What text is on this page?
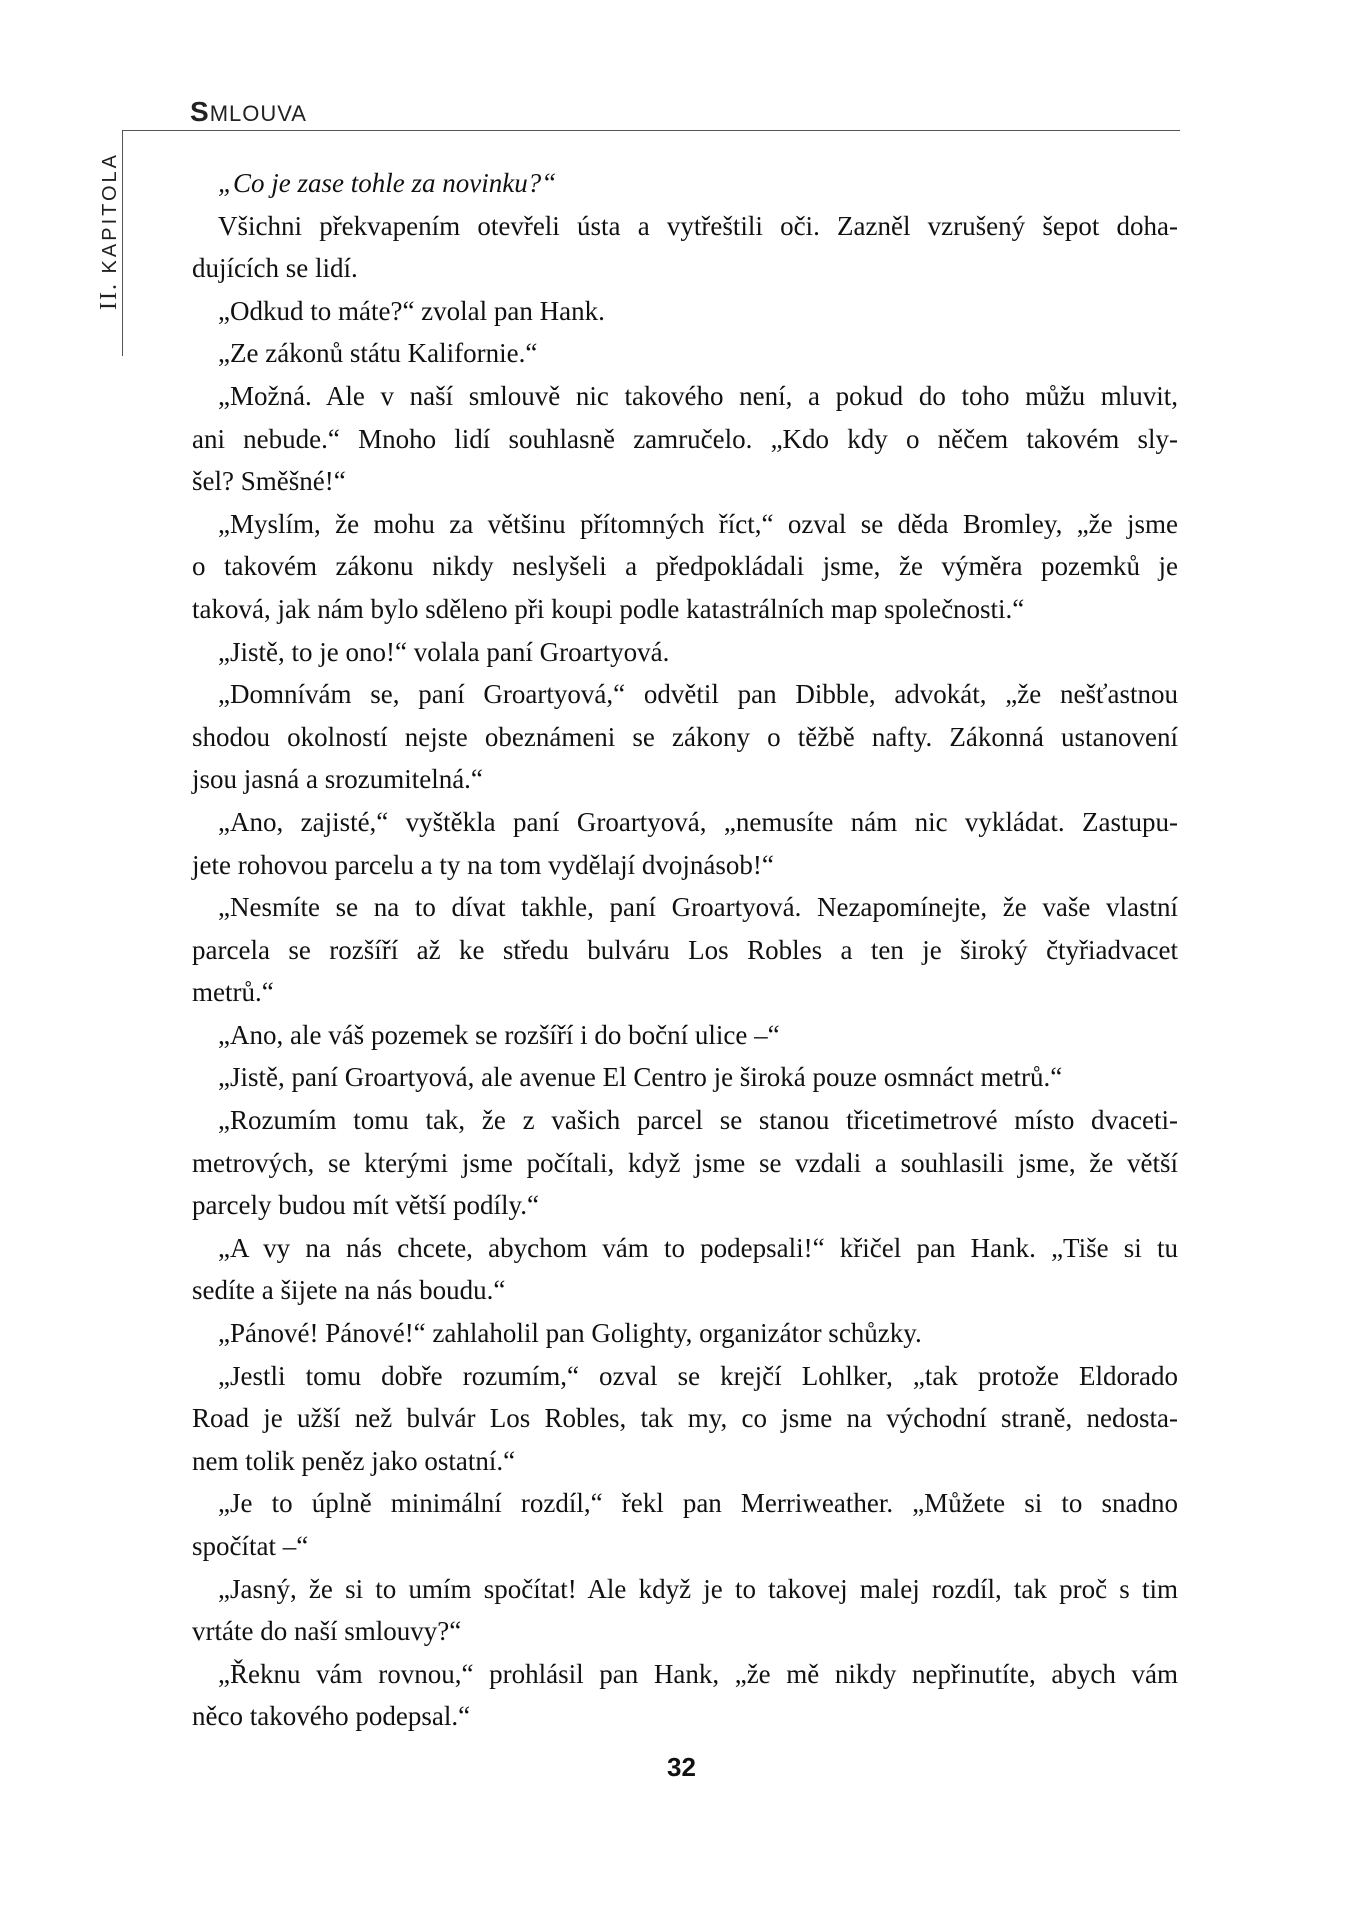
SMLOUVA
II. KAPITOLA	„Co je zase tohle za novinku?“
Všichni překvapením otevřeli ústa a vytřeštili oči. Zazněl vzrušený šepot doha-
dujících se lidí.
„Odkud to máte?“ zvolal pan Hank.
„Ze zákonů státu Kalifornie.“
„Možná. Ale v naší smlouvě nic takového není, a pokud do toho můžu mluvit,
ani nebude.“ Mnoho lidí souhlasně zamručelo. „Kdo kdy o něčem takovém sly-
šel? Směšné!“
„Myslím, že mohu za většinu přítomných říct,“ ozval se děda Bromley, „že jsme
o takovém zákonu nikdy neslyšeli a předpokládali jsme, že výměra pozemků je
taková, jak nám bylo sděleno při koupi podle katastrálních map společnosti.“
„Jistě, to je ono!“ volala paní Groartyová.
„Domnívám se, paní Groartyová,“ odvětil pan Dibble, advokát, „že nešťastnou
shodou okolností nejste obeznámeni se zákony o těžbě nafty. Zákonná ustanovení
jsou jasná a srozumitelná.“
„Ano, zajisté,“ vyštěkla paní Groartyová, „nemusíte nám nic vykládat. Zastupu-
jete rohovou parcelu a ty na tom vydělají dvojnásob!“
„Nesmíte se na to dívat takhle, paní Groartyová. Nezapomínejte, že vaše vlastní
parcela se rozšíří až ke středu bulváru Los Robles a ten je široký čtyřiadvacet
metrů.“
„Ano, ale váš pozemek se rozšíří i do boční ulice –“
„Jistě, paní Groartyová, ale avenue El Centro je široká pouze osmnáct metrů.“
„Rozumím tomu tak, že z vašich parcel se stanou třicetimetrové místo dvaceti-
metrových, se kterými jsme počítali, když jsme se vzdali a souhlasili jsme, že větší
parcely budou mít větší podíly.“
„A vy na nás chcete, abychom vám to podepsali!“ křičel pan Hank. „Tiše si tu
sedíte a šijete na nás boudu.“
„Pánové! Pánové!“ zahlaholil pan Golighty, organizátor schůzky.
„Jestli tomu dobře rozumím,“ ozval se krejčí Lohlker, „tak protože Eldorado
Road je užší než bulvár Los Robles, tak my, co jsme na východní straně, nedosta-
nem tolik peněz jako ostatní.“
„Je to úplně minimální rozdíl,“ řekl pan Merriweather. „Můžete si to snadno
spočítat –“
„Jasný, že si to umím spočítat! Ale když je to takovej malej rozdíl, tak proč s tim
vrtáte do naší smlouvy?“
„Řeknu vám rovnou,“ prohlásil pan Hank, „že mě nikdy nepřinutíte, abych vám
něco takového podepsal.“
32
